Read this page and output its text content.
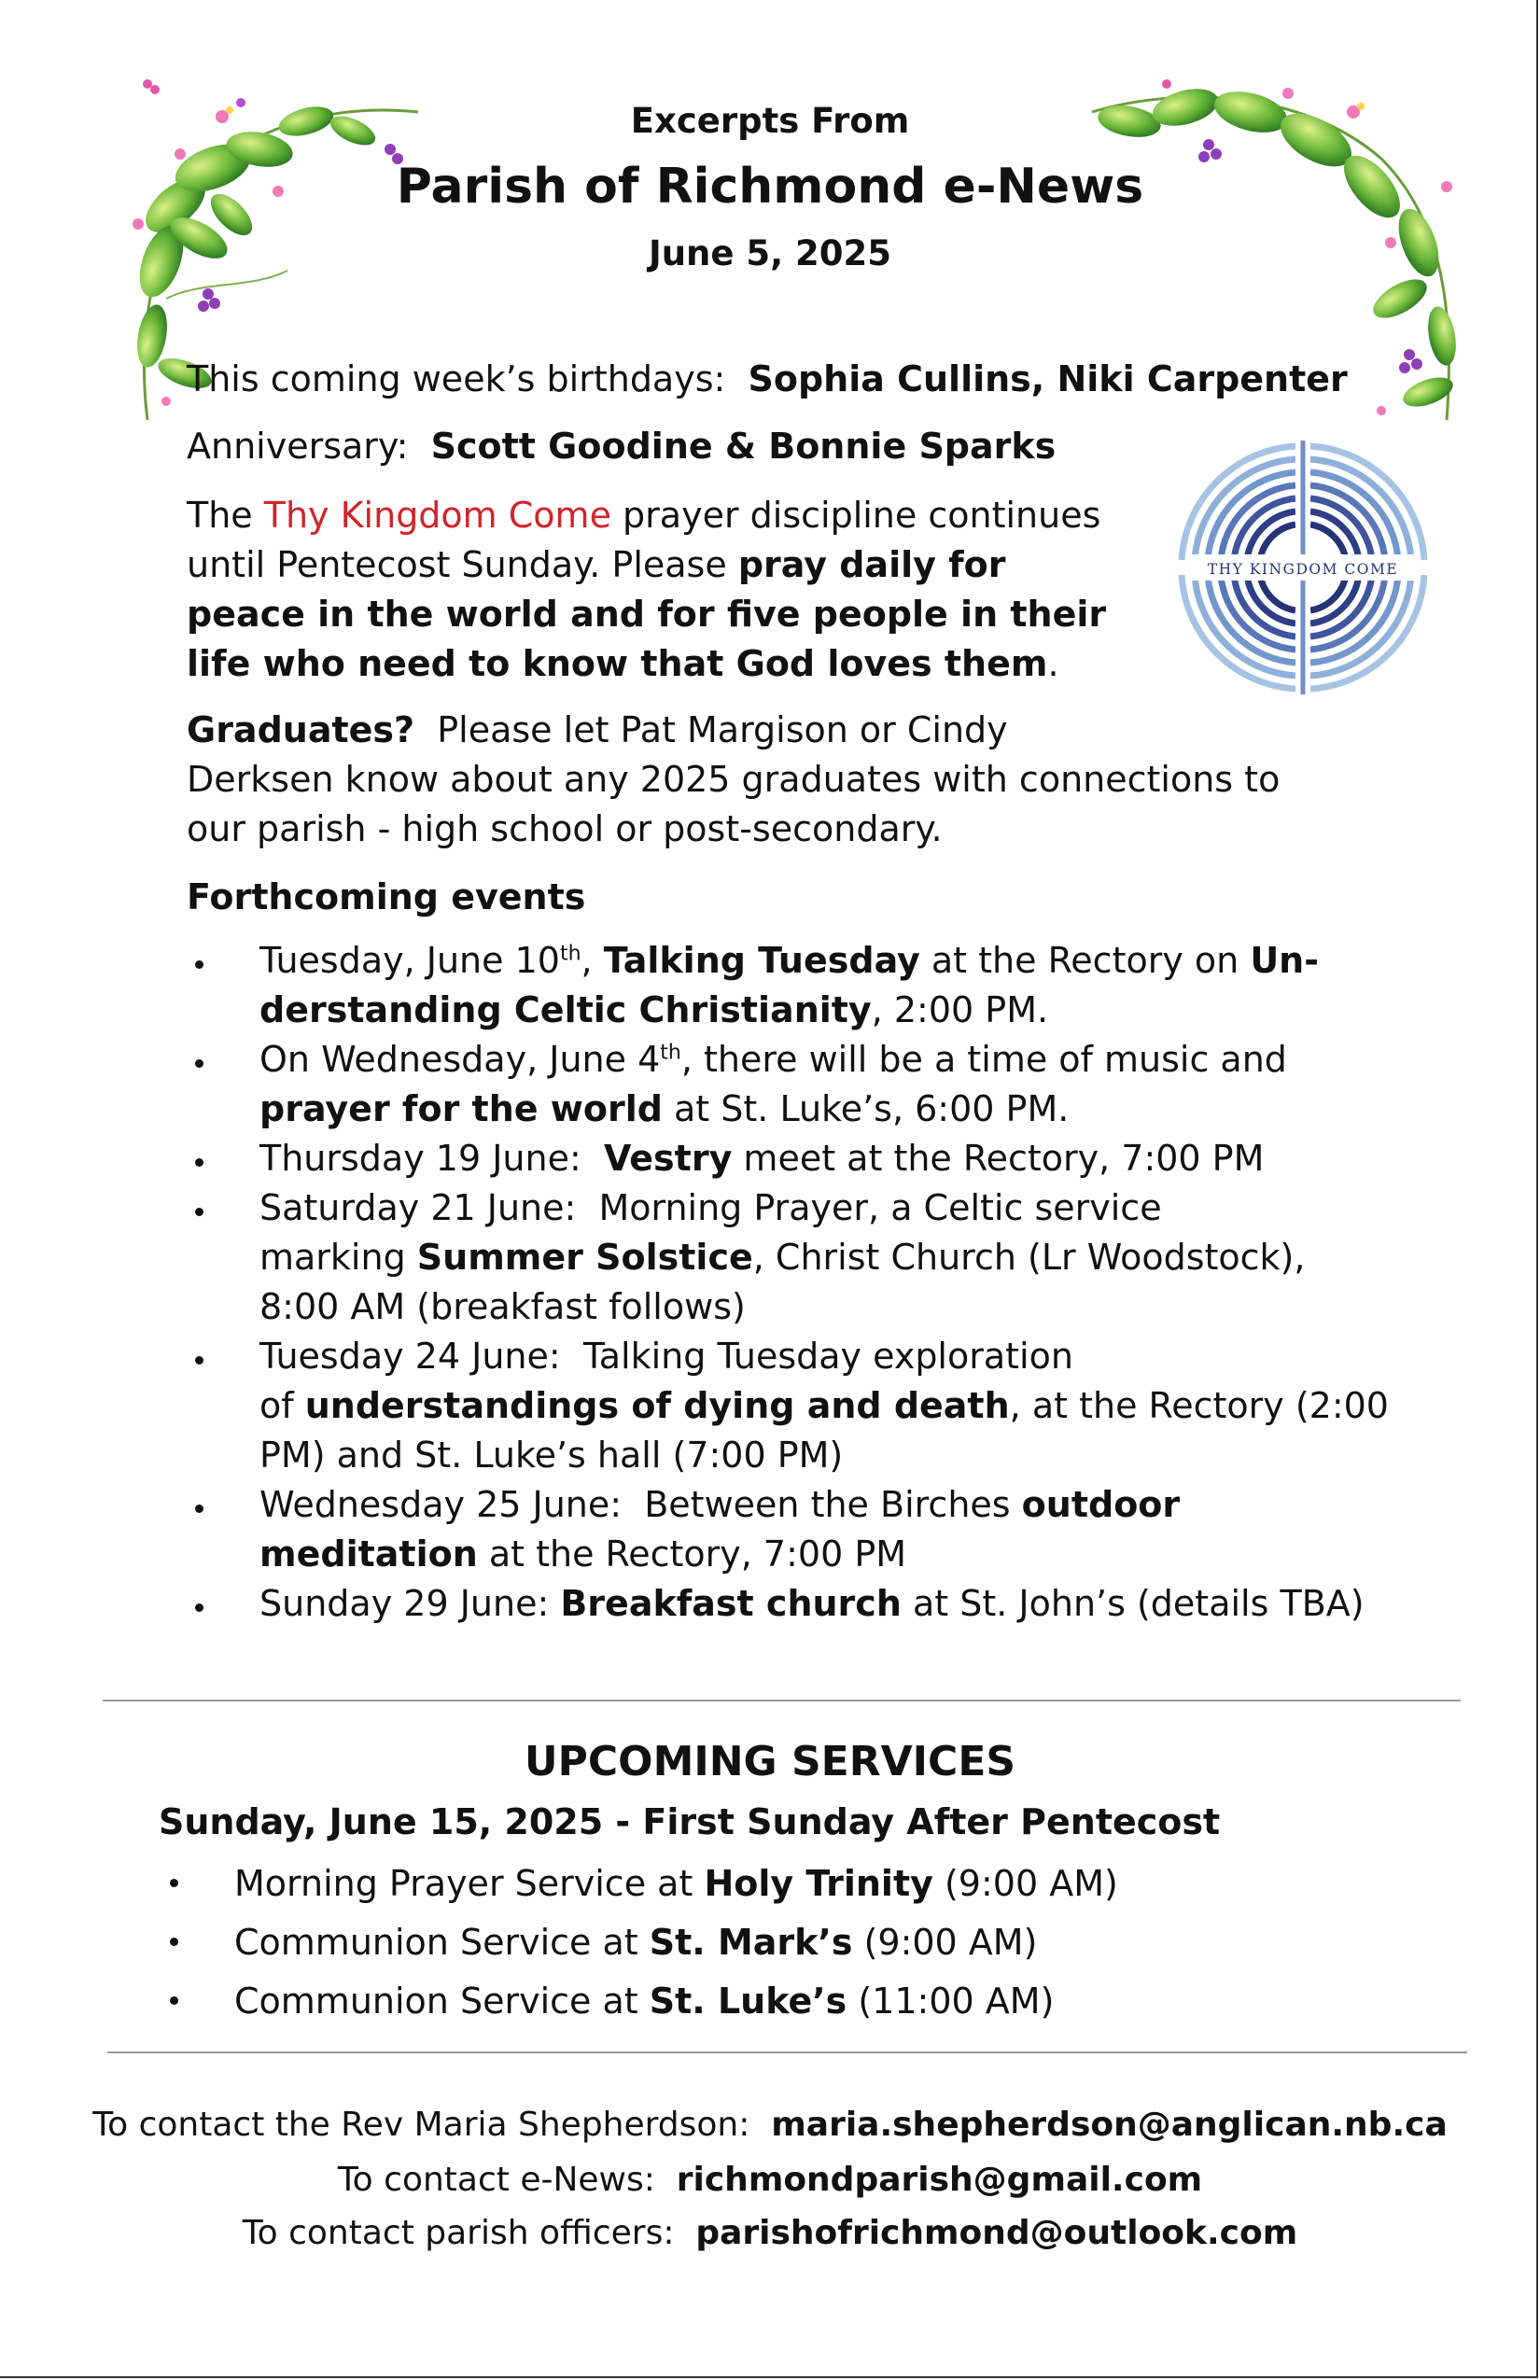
Excerpts From
Parish of Richmond e-News
June 5, 2025
This coming week’s birthdays: Sophia Cullins, Niki Carpenter
Anniversary: Scott Goodine & Bonnie Sparks
The Thy Kingdom Come prayer discipline continues
until Pentecost Sunday. Please pray daily for
peace in the world and for five people in their
life who need to know that God loves them.
THY KINGDOM COME
Graduates?  Please let Pat Margison or Cindy
Derksen know about any 2025 graduates with connections to
our parish - high school or post-secondary.
Forthcoming events
Tuesday, June 10th, Talking Tuesday at the Rectory on Un-
derstanding Celtic Christianity, 2:00 PM.
On Wednesday, June 4th, there will be a time of music and
prayer for the world at St. Luke’s, 6:00 PM.
Thursday 19 June:  Vestry meet at the Rectory, 7:00 PM
Saturday 21 June:  Morning Prayer, a Celtic service
marking Summer Solstice, Christ Church (Lr Woodstock),
8:00 AM (breakfast follows)
Tuesday 24 June:  Talking Tuesday exploration
of understandings of dying and death, at the Rectory (2:00
PM) and St. Luke’s hall (7:00 PM)
Wednesday 25 June:  Between the Birches outdoor
meditation at the Rectory, 7:00 PM
Sunday 29 June: Breakfast church at St. John’s (details TBA)
UPCOMING SERVICES
Sunday, June 15, 2025 - First Sunday After Pentecost
Morning Prayer Service at Holy Trinity (9:00 AM)
Communion Service at St. Mark’s (9:00 AM)
Communion Service at St. Luke’s (11:00 AM)
To contact the Rev Maria Shepherdson:  maria.shepherdson@anglican.nb.ca
To contact e-News:  richmondparish@gmail.com
To contact parish officers:  parishofrichmond@outlook.com
